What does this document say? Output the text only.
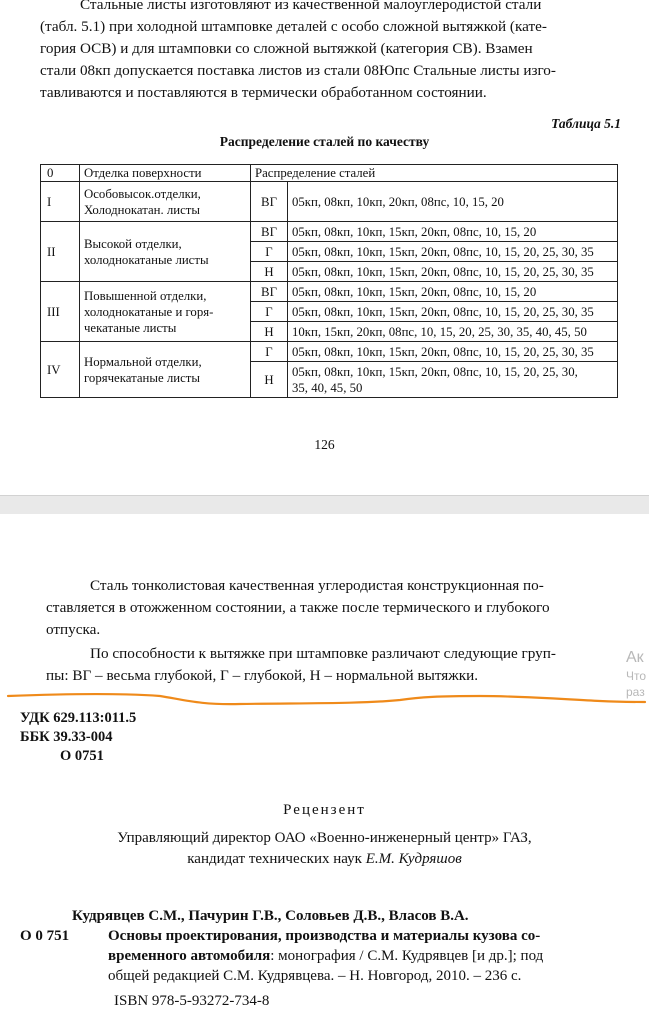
Стальные листы изготовляют из качественной малоуглеродистой стали
(табл. 5.1) при холодной штамповке деталей с особо сложной вытяжкой (кате-
гория ОСВ) и для штамповки со сложной вытяжкой (категория СВ). Взамен
стали 08кп допускается поставка листов из стали 08Юпс Стальные листы изго-
тавливаются и поставляются в термически обработанном состоянии.
Таблица 5.1
Распределение сталей по качеству
0	Отделка поверхности	Распределение сталей	
I	Особовысок.отделки,
Холоднокатан. листы	ВГ	05кп, 08кп, 10кп, 20кп, 08пс, 10, 15, 20
II	Высокой отделки,
холоднокатаные листы	ВГ	05кп, 08кп, 10кп, 15кп, 20кп, 08пс, 10, 15, 20
		Г	05кп, 08кп, 10кп, 15кп, 20кп, 08пс, 10, 15, 20, 25, 30, 35
		Н	05кп, 08кп, 10кп, 15кп, 20кп, 08пс, 10, 15, 20, 25, 30, 35
III	Повышенной отделки,
холоднокатаные и горя-
чекатаные листы	ВГ	05кп, 08кп, 10кп, 15кп, 20кп, 08пс, 10, 15, 20
		Г	05кп, 08кп, 10кп, 15кп, 20кп, 08пс, 10, 15, 20, 25, 30, 35
		Н	10кп, 15кп, 20кп, 08пс, 10, 15, 20, 25, 30, 35, 40, 45, 50
IV	Нормальной отделки,
горячекатаные листы	Г	05кп, 08кп, 10кп, 15кп, 20кп, 08пс, 10, 15, 20, 25, 30, 35
		Н	05кп, 08кп, 10кп, 15кп, 20кп, 08пс, 10, 15, 20, 25, 30,
35, 40, 45, 50
126
Сталь тонколистовая качественная углеродистая конструкционная по-
ставляется в отожженном состоянии, а также после термического и глубокого
отпуска.
По способности к вытяжке при штамповке различают следующие груп-
пы: ВГ – весьма глубокой, Г – глубокой, Н – нормальной вытяжки.
Ак
Что
раз
УДК 629.113:011.5
ББК 39.33-004
О 0751
Рецензент
Управляющий директор ОАО «Военно-инженерный центр» ГАЗ,
кандидат технических наук Е.М. Кудряшов
Кудрявцев С.М., Пачурин Г.В., Соловьев Д.В., Власов В.А.
О 0 751	Основы проектирования, производства и материалы кузова со-
временного автомобиля: монография / С.М. Кудрявцев [и др.]; под
общей редакцией С.М. Кудрявцева. – Н. Новгород, 2010. – 236 с.
ISBN 978-5-93272-734-8
